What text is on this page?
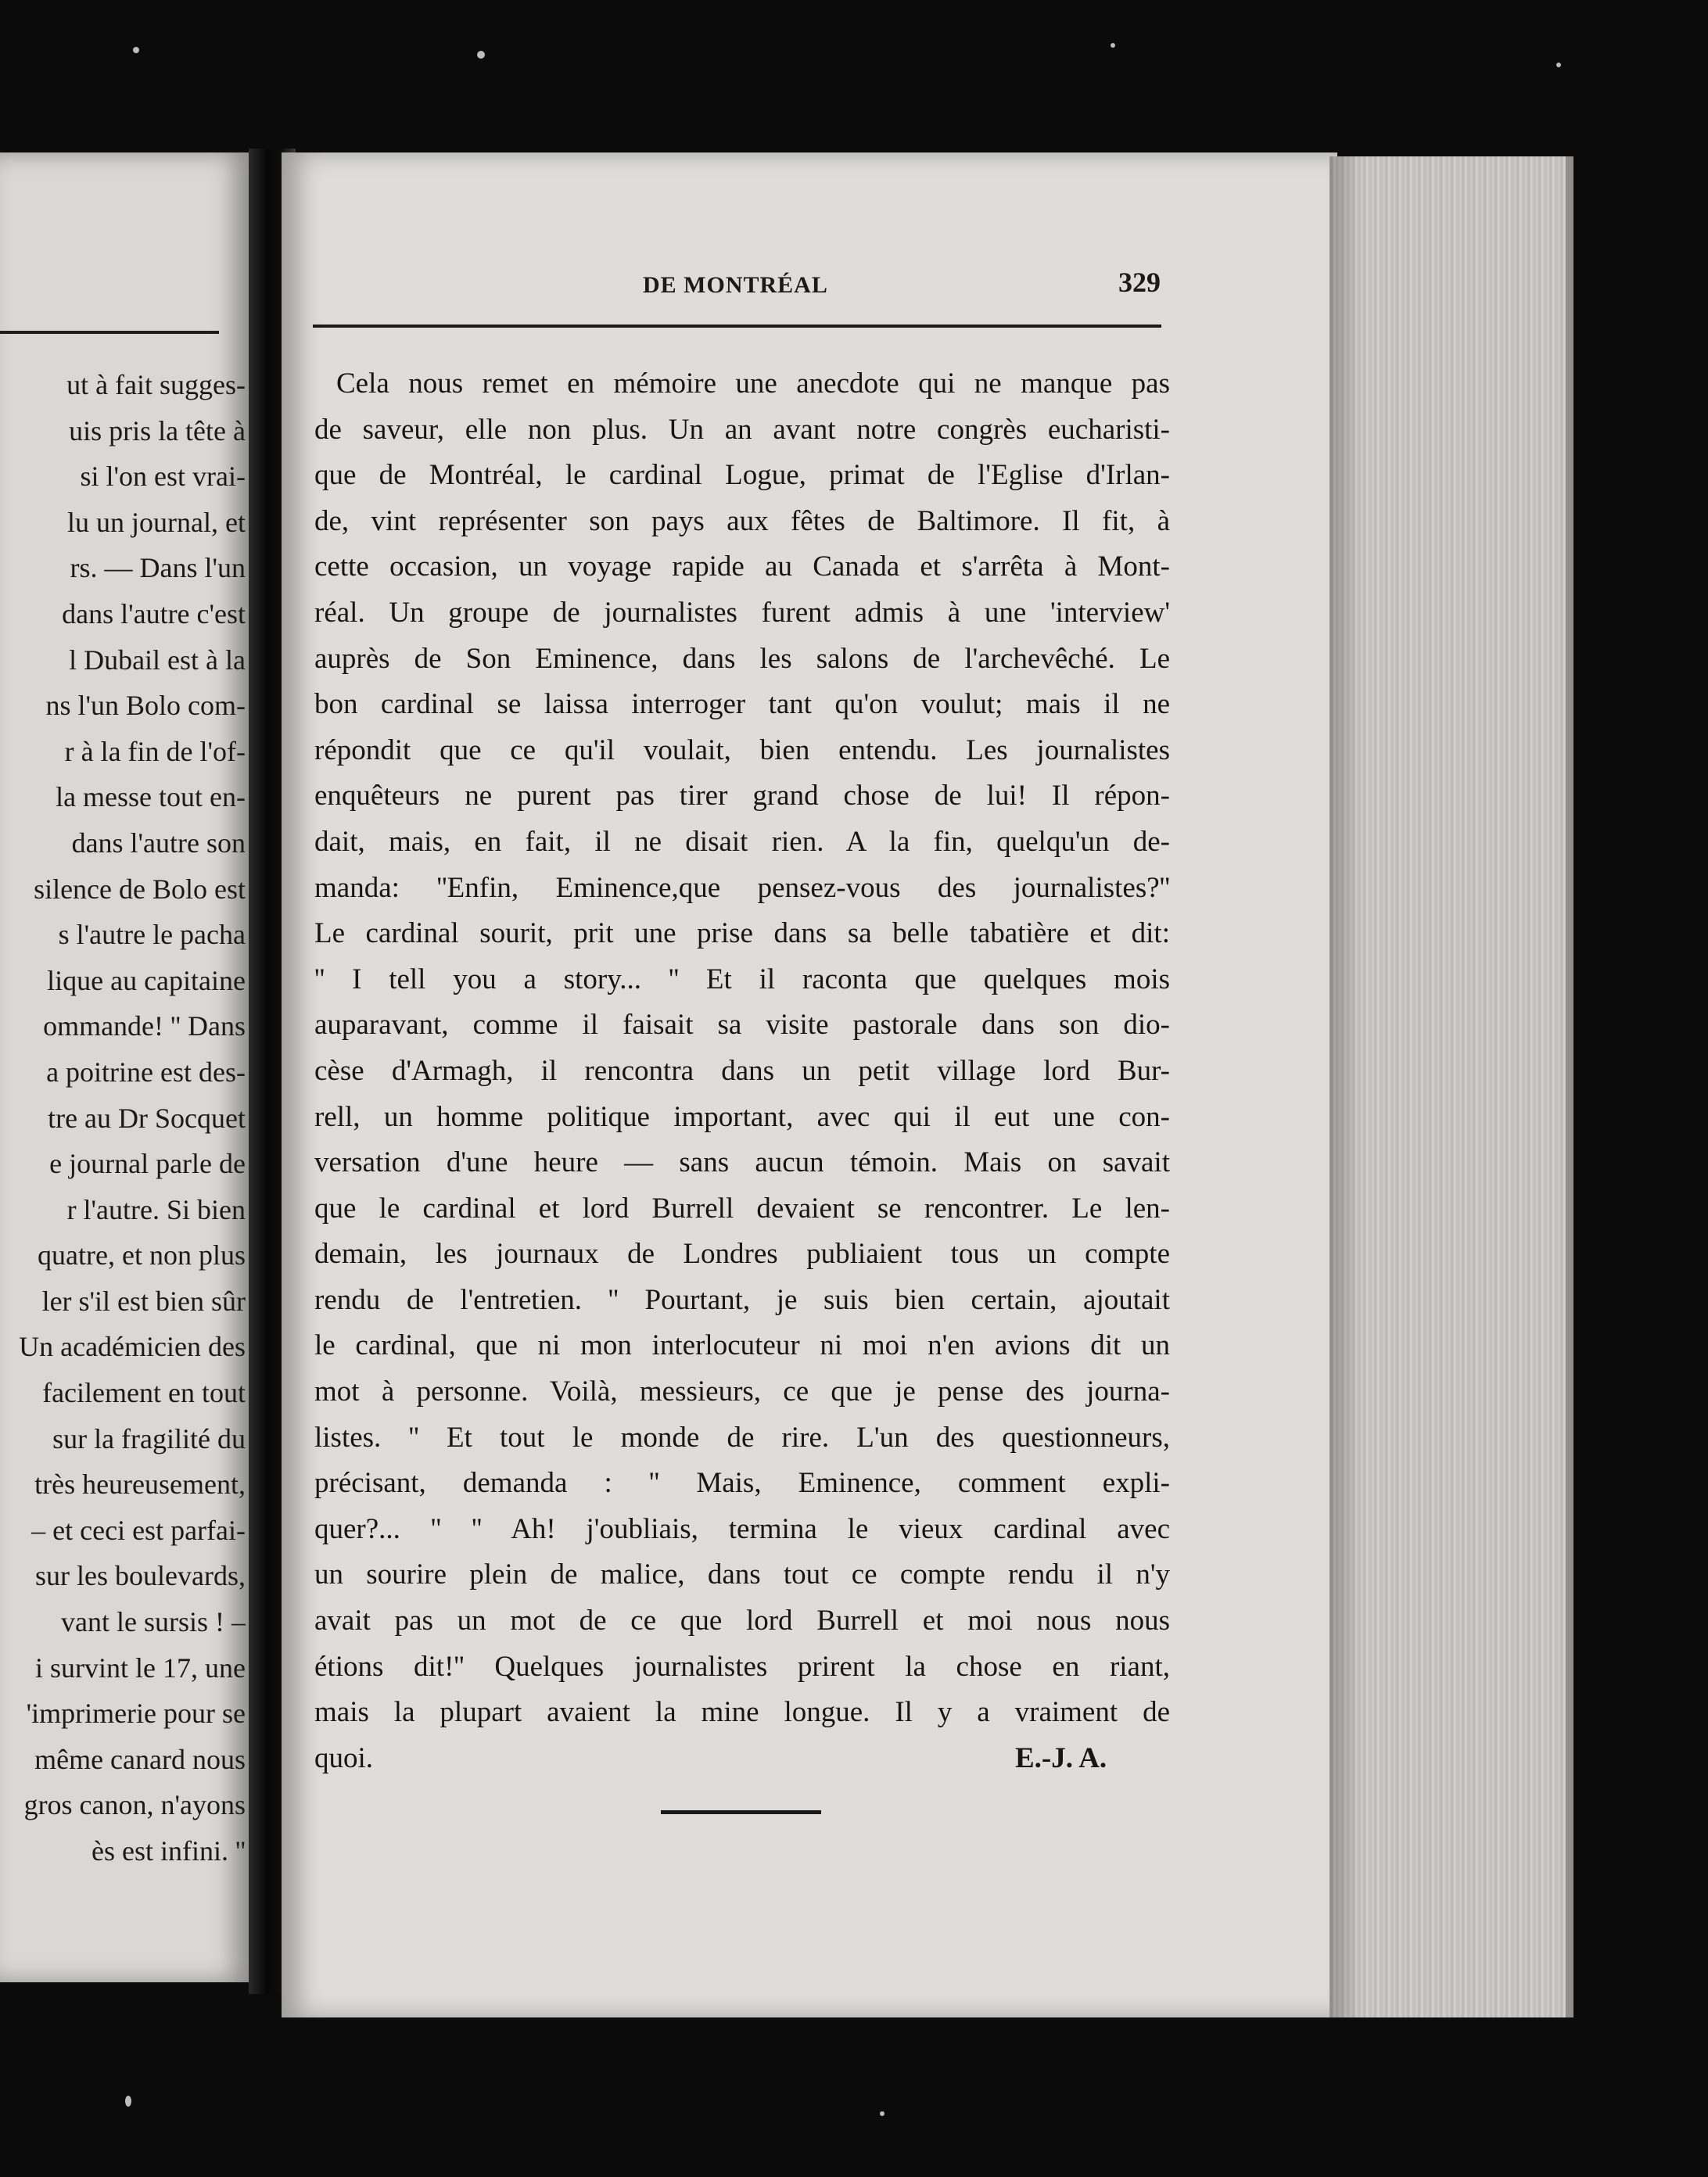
ut à fait sugges-
uis pris la tête à
si l'on est vrai-
lu un journal, et
rs. — Dans l'un
dans l'autre c'est
l Dubail est à la
ns l'un Bolo com-
r à la fin de l'of-
la messe tout en-
dans l'autre son
silence de Bolo est
s l'autre le pacha
lique au capitaine
ommande! '' Dans
a poitrine est des-
tre au Dr Socquet
e journal parle de
r l'autre. Si bien
quatre, et non plus
ler s'il est bien sûr
Un académicien des
facilement en tout
sur la fragilité du
très heureusement,
– et ceci est parfai-
sur les boulevards,
vant le sursis ! –
i survint le 17, une
'imprimerie pour se
même canard nous
gros canon, n'ayons
ès est infini. ''
DE MONTRÉAL	329
Cela nous remet en mémoire une anecdote qui ne manque pas
de saveur, elle non plus. Un an avant notre congrès eucharisti-
que de Montréal, le cardinal Logue, primat de l'Eglise d'Irlan-
de, vint représenter son pays aux fêtes de Baltimore. Il fit, à
cette occasion, un voyage rapide au Canada et s'arrêta à Mont-
réal. Un groupe de journalistes furent admis à une 'interview'
auprès de Son Eminence, dans les salons de l'archevêché. Le
bon cardinal se laissa interroger tant qu'on voulut; mais il ne
répondit que ce qu'il voulait, bien entendu. Les journalistes
enquêteurs ne purent pas tirer grand chose de lui! Il répon-
dait, mais, en fait, il ne disait rien. A la fin, quelqu'un de-
manda: ''Enfin, Eminence,que pensez-vous des journalistes?''
Le cardinal sourit, prit une prise dans sa belle tabatière et dit:
'' I tell you a story... '' Et il raconta que quelques mois
auparavant, comme il faisait sa visite pastorale dans son dio-
cèse d'Armagh, il rencontra dans un petit village lord Bur-
rell, un homme politique important, avec qui il eut une con-
versation d'une heure — sans aucun témoin. Mais on savait
que le cardinal et lord Burrell devaient se rencontrer. Le len-
demain, les journaux de Londres publiaient tous un compte
rendu de l'entretien. '' Pourtant, je suis bien certain, ajoutait
le cardinal, que ni mon interlocuteur ni moi n'en avions dit un
mot à personne. Voilà, messieurs, ce que je pense des journa-
listes. '' Et tout le monde de rire. L'un des questionneurs,
précisant, demanda : '' Mais, Eminence, comment expli-
quer?... '' '' Ah! j'oubliais, termina le vieux cardinal avec
un sourire plein de malice, dans tout ce compte rendu il n'y
avait pas un mot de ce que lord Burrell et moi nous nous
étions dit!'' Quelques journalistes prirent la chose en riant,
mais la plupart avaient la mine longue. Il y a vraiment de
quoi.	E.-J. A.
